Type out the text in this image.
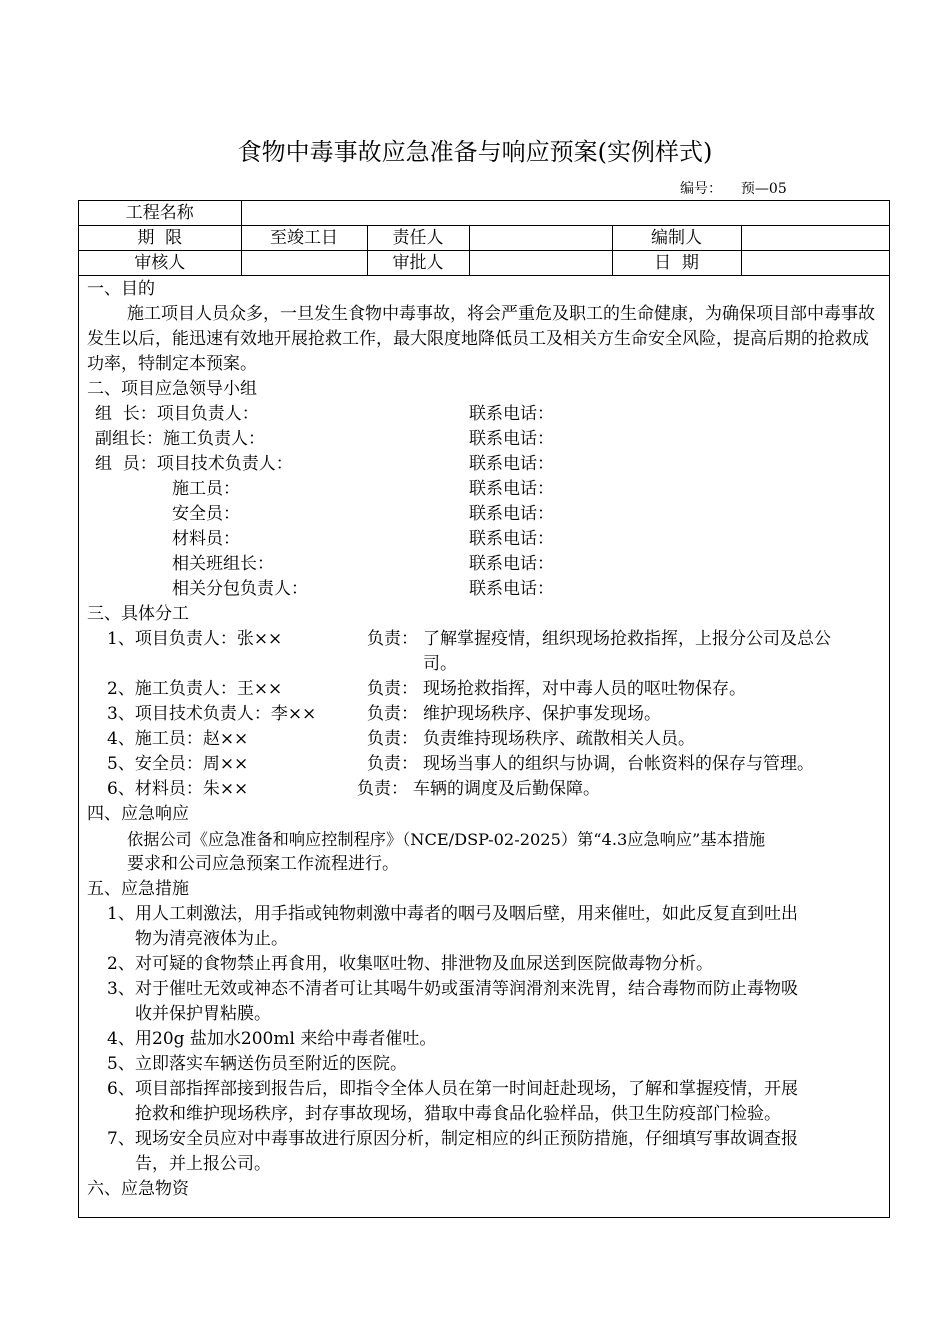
食物中毒事故应急准备与响应预案(实例样式)
编号： 预—05
工程名称					
期  限	至竣工日	责任人		编制人	
审核人		审批人		日  期	
一、目的
施工项目人员众多，一旦发生食物中毒事故，将会严重危及职工的生命健康，为确保项目部中毒事故发生以后，能迅速有效地开展抢救工作，最大限度地降低员工及相关方生命安全风险，提高后期的抢救成功率，特制定本预案。
二、项目应急领导小组
组  长：项目负责人：	联系电话：
副组长：施工负责人：	联系电话：
组  员：项目技术负责人：	联系电话：
施工员：	联系电话：
安全员：	联系电话：
材料员：	联系电话：
相关班组长：	联系电话：
相关分包负责人：	联系电话：
三、具体分工
1、项目负责人：张××	负责： 了解掌握疫情，组织现场抢救指挥，上报分公司及总公
司。
2、施工负责人：王××	负责： 现场抢救指挥，对中毒人员的呕吐物保存。
3、项目技术负责人：李××	负责： 维护现场秩序、保护事发现场。
4、施工员：赵××	负责： 负责维持现场秩序、疏散相关人员。
5、安全员：周××	负责： 现场当事人的组织与协调，台帐资料的保存与管理。
6、材料员：朱××	负责： 车辆的调度及后勤保障。
四、应急响应
依据公司《应急准备和响应控制程序》（NCE/DSP-02-2025）第“4.3应急响应”基本措施
要求和公司应急预案工作流程进行。
五、应急措施
1、 用人工刺激法，用手指或钝物刺激中毒者的咽弓及咽后壁，用来催吐，如此反复直到吐出
物为清亮液体为止。
2、 对可疑的食物禁止再食用，收集呕吐物、排泄物及血尿送到医院做毒物分析。
3、 对于催吐无效或神态不清者可让其喝牛奶或蛋清等润滑剂来洗胃，结合毒物而防止毒物吸
收并保护胃粘膜。
4、 用20g 盐加水200ml 来给中毒者催吐。
5、 立即落实车辆送伤员至附近的医院。
6、 项目部指挥部接到报告后，即指令全体人员在第一时间赶赴现场，了解和掌握疫情，开展
抢救和维护现场秩序，封存事故现场，猎取中毒食品化验样品，供卫生防疫部门检验。
7、 现场安全员应对中毒事故进行原因分析，制定相应的纠正预防措施，仔细填写事故调查报
告，并上报公司。
六、应急物资
